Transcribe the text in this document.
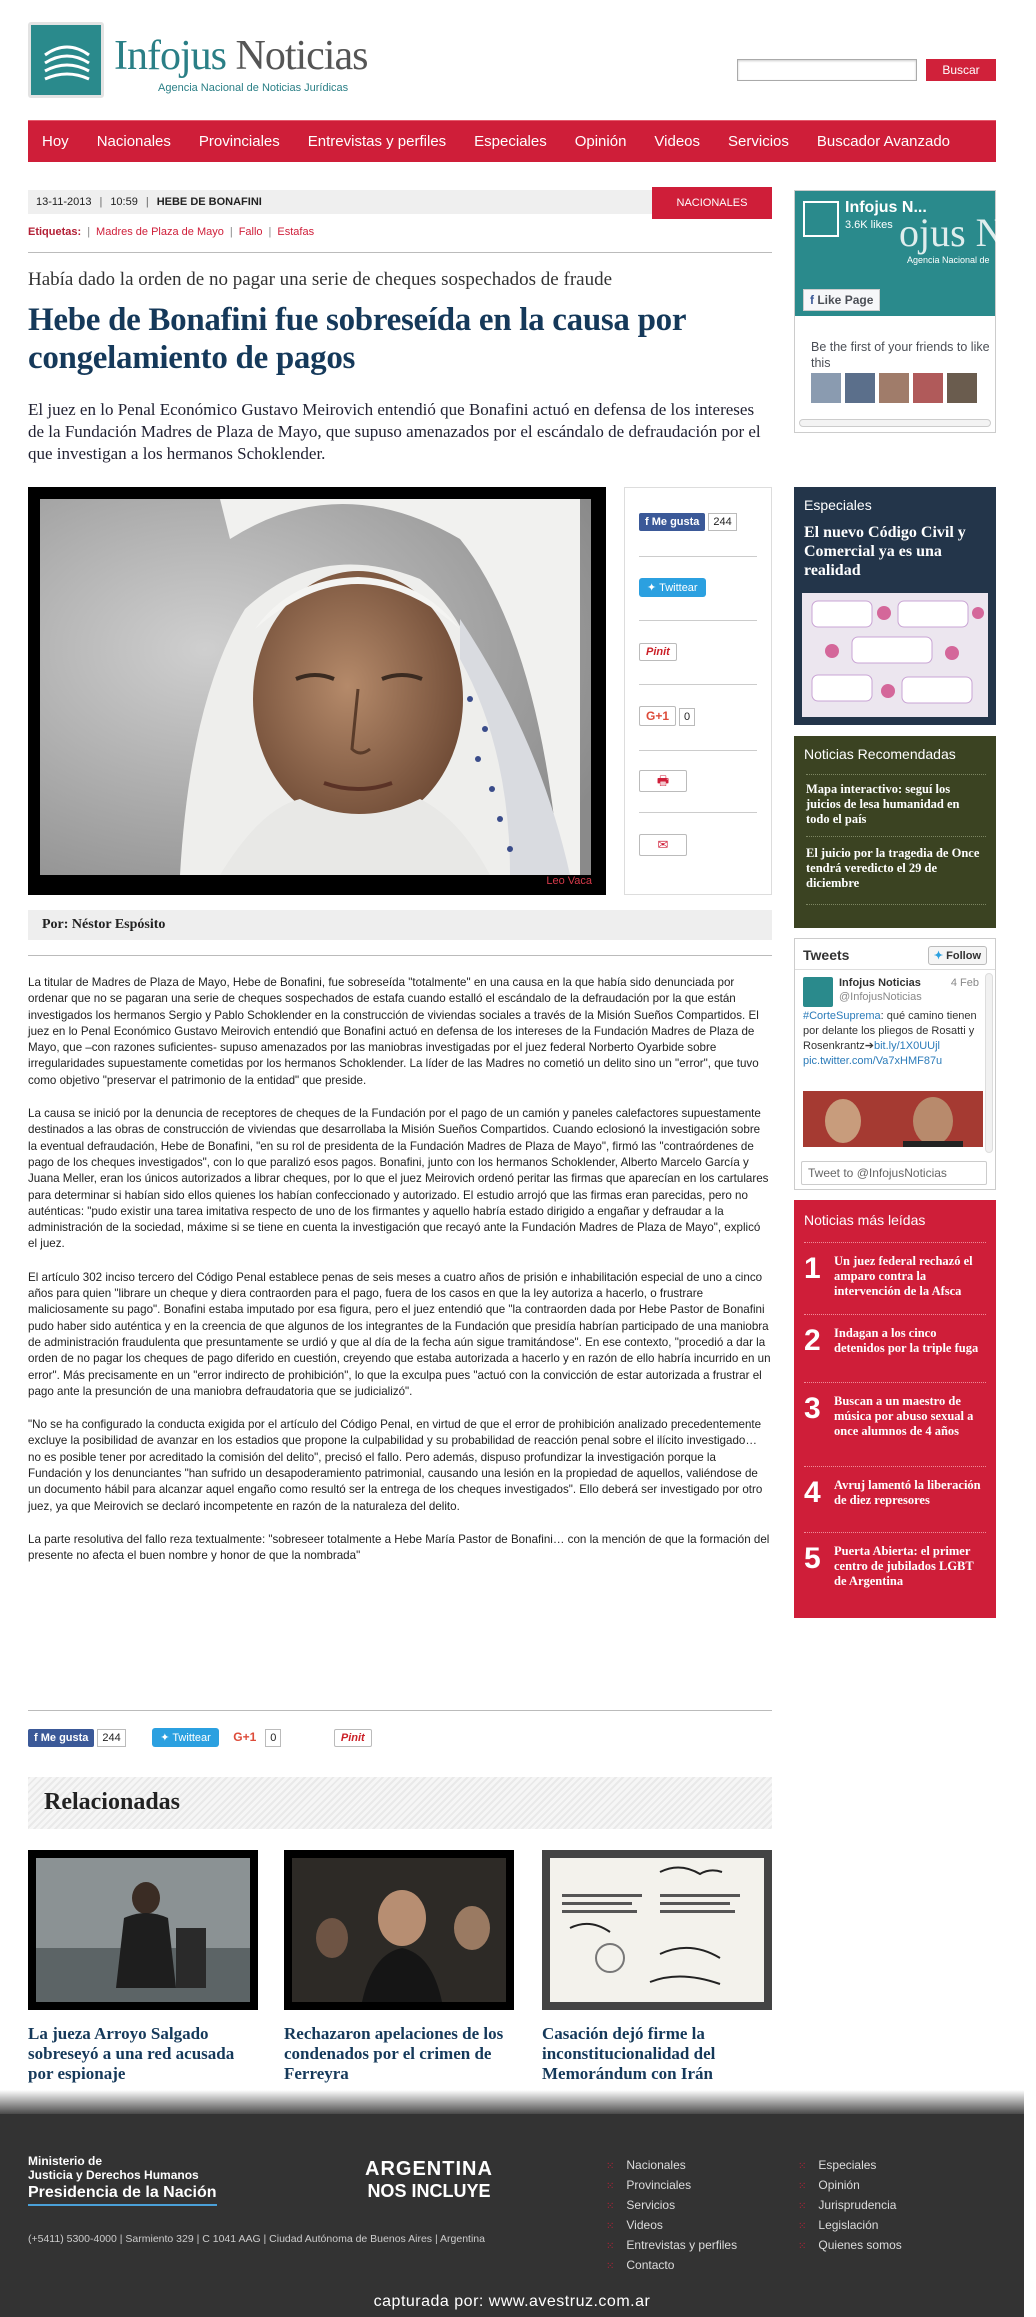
Infojus Noticias
Agencia Nacional de Noticias Jurídicas
Buscar
Hoy	Nacionales	Provinciales	Entrevistas y perfiles	Especiales	Opinión	Videos	Servicios	Buscador Avanzado
13-11-2013 | 10:59 | HEBE DE BONAFINI	NACIONALES
Etiquetas: | Madres de Plaza de Mayo | Fallo | Estafas
Había dado la orden de no pagar una serie de cheques sospechados de fraude
Hebe de Bonafini fue sobreseída en la causa por congelamiento de pagos

El juez en lo Penal Económico Gustavo Meirovich entendió que Bonafini actuó en defensa de los intereses de la Fundación Madres de Plaza de Mayo, que supuso amenazados por el escándalo de defraudación por el que investigan a los hermanos Schoklender.

Leo Vaca
f Me gusta 244
✦ Twittear
Pinit
G+1 0
🖶
✉
Por: Néstor Espósito

La titular de Madres de Plaza de Mayo, Hebe de Bonafini, fue sobreseída "totalmente" en una causa en la que había sido denunciada por ordenar que no se pagaran una serie de cheques sospechados de estafa cuando estalló el escándalo de la defraudación por la que están investigados los hermanos Sergio y Pablo Schoklender en la construcción de viviendas sociales a través de la Misión Sueños Compartidos. El juez en lo Penal Económico Gustavo Meirovich entendió que Bonafini actuó en defensa de los intereses de la Fundación Madres de Plaza de Mayo, que –con razones suficientes- supuso amenazados por las maniobras investigadas por el juez federal Norberto Oyarbide sobre irregularidades supuestamente cometidas por los hermanos Schoklender. La líder de las Madres no cometió un delito sino un "error", que tuvo como objetivo "preservar el patrimonio de la entidad" que preside.

La causa se inició por la denuncia de receptores de cheques de la Fundación por el pago de un camión y paneles calefactores supuestamente destinados a las obras de construcción de viviendas que desarrollaba la Misión Sueños Compartidos. Cuando eclosionó la investigación sobre la eventual defraudación, Hebe de Bonafini, "en su rol de presidenta de la Fundación Madres de Plaza de Mayo", firmó las "contraórdenes de pago de los cheques investigados", con lo que paralizó esos pagos. Bonafini, junto con los hermanos Schoklender, Alberto Marcelo García y Juana Meller, eran los únicos autorizados a librar cheques, por lo que el juez Meirovich ordenó peritar las firmas que aparecían en los cartulares para determinar si habían sido ellos quienes los habían confeccionado y autorizado. El estudio arrojó que las firmas eran parecidas, pero no auténticas: "pudo existir una tarea imitativa respecto de uno de los firmantes y aquello habría estado dirigido a engañar y defraudar a la administración de la sociedad, máxime si se tiene en cuenta la investigación que recayó ante la Fundación Madres de Plaza de Mayo", explicó el juez.

El artículo 302 inciso tercero del Código Penal establece penas de seis meses a cuatro años de prisión e inhabilitación especial de uno a cinco años para quien "librare un cheque y diera contraorden para el pago, fuera de los casos en que la ley autoriza a hacerlo, o frustrare maliciosamente su pago". Bonafini estaba imputado por esa figura, pero el juez entendió que "la contraorden dada por Hebe Pastor de Bonafini pudo haber sido auténtica y en la creencia de que algunos de los integrantes de la Fundación que presidía habrían participado de una maniobra de administración fraudulenta que presuntamente se urdió y que al día de la fecha aún sigue tramitándose". En ese contexto, "procedió a dar la orden de no pagar los cheques de pago diferido en cuestión, creyendo que estaba autorizada a hacerlo y en razón de ello habría incurrido en un error". Más precisamente en un "error indirecto de prohibición", lo que la exculpa pues "actuó con la convicción de estar autorizada a frustrar el pago ante la presunción de una maniobra defraudatoria que se judicializó".

"No se ha configurado la conducta exigida por el artículo del Código Penal, en virtud de que el error de prohibición analizado precedentemente excluye la posibilidad de avanzar en los estadios que propone la culpabilidad y su probabilidad de reacción penal sobre el ilícito investigado… no es posible tener por acreditado la comisión del delito", precisó el fallo. Pero además, dispuso profundizar la investigación porque la Fundación y los denunciantes "han sufrido un desapoderamiento patrimonial, causando una lesión en la propiedad de aquellos, valiéndose de un documento hábil para alcanzar aquel engaño como resultó ser la entrega de los cheques investigados". Ello deberá ser investigado por otro juez, ya que Meirovich se declaró incompetente en razón de la naturaleza del delito.

La parte resolutiva del fallo reza textualmente: "sobreseer totalmente a Hebe María Pastor de Bonafini… con la mención de que la formación del presente no afecta el buen nombre y honor de que la nombrada"

f Me gusta 244	✦ Twittear G+1 0	Pinit
Relacionadas
La jueza Arroyo Salgado sobreseyó a una red acusada por espionaje
Rechazaron apelaciones de los condenados por el crimen de Ferreyra
Casación dejó firme la inconstitucionalidad del Memorándum con Irán
Infojus N...
3.6K likes ojus Not
Agencia Nacional de
f Like Page
Be the first of your friends to like this
Especiales
El nuevo Código Civil y Comercial ya es una realidad
Noticias Recomendadas
Mapa interactivo: seguí los juicios de lesa humanidad en todo el país
El juicio por la tragedia de Once tendrá veredicto el 29 de diciembre
Tweets	✦ Follow
Infojus Noticias
@InfojusNoticias
4 Feb
#CorteSuprema: qué camino tienen por delante los pliegos de Rosatti y Rosenkrantz➔bit.ly/1X0UUjl pic.twitter.com/Va7xHMF87u
Tweet to @InfojusNoticias
Noticias más leídas
1 Un juez federal rechazó el amparo contra la intervención de la Afsca
2 Indagan a los cinco detenidos por la triple fuga
3 Buscan a un maestro de música por abuso sexual a once alumnos de 4 años
4 Avruj lamentó la liberación de diez represores
5 Puerta Abierta: el primer centro de jubilados LGBT de Argentina
Ministerio de
Justicia y Derechos Humanos
Presidencia de la Nación
ARGENTINA
NOS INCLUYE
(+5411) 5300-4000 | Sarmiento 329 | C 1041 AAG | Ciudad Autónoma de Buenos Aires | Argentina
⁙ Nacionales
⁙ Provinciales
⁙ Servicios
⁙ Videos
⁙ Entrevistas y perfiles
⁙ Contacto
⁙ Especiales
⁙ Opinión
⁙ Jurisprudencia
⁙ Legislación
⁙ Quienes somos
capturada por: www.avestruz.com.ar
